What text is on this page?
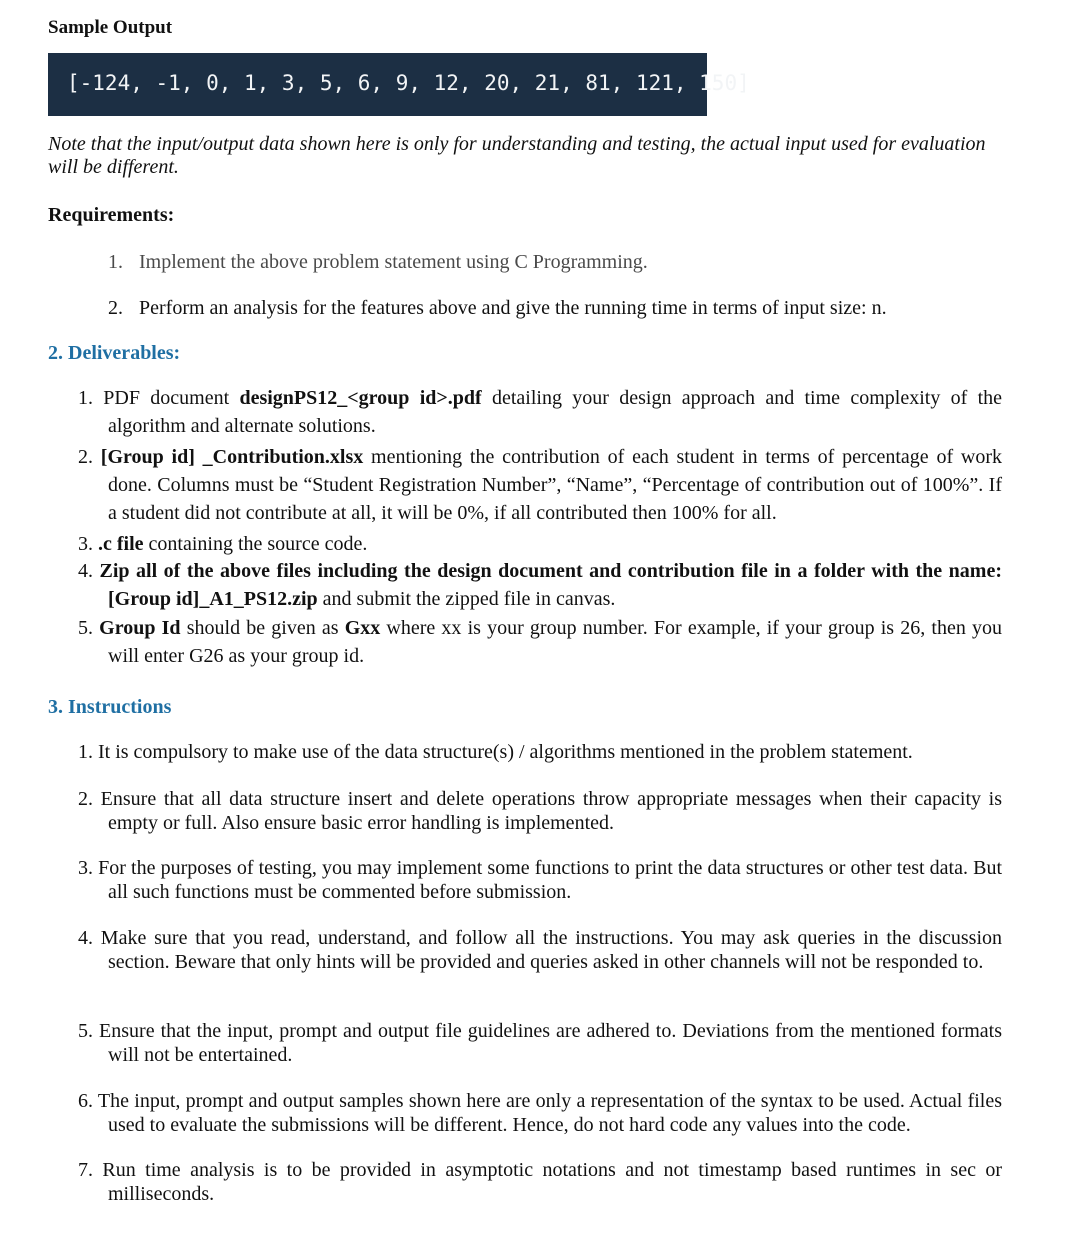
Sample Output
[-124, -1, 0, 1, 3, 5, 6, 9, 12, 20, 21, 81, 121, 150]
Note that the input/output data shown here is only for understanding and testing, the actual input used for evaluation will be different.
Requirements:
1. Implement the above problem statement using C Programming.
2. Perform an analysis for the features above and give the running time in terms of input size: n.
2. Deliverables:
1. PDF document designPS12_<group id>.pdf detailing your design approach and time complexity of the algorithm and alternate solutions.
2. [Group id] _Contribution.xlsx mentioning the contribution of each student in terms of percentage of work done. Columns must be “Student Registration Number”, “Name”, “Percentage of contribution out of 100%”. If a student did not contribute at all, it will be 0%, if all contributed then 100% for all.
3. .c file containing the source code.
4. Zip all of the above files including the design document and contribution file in a folder with the name: [Group id]_A1_PS12.zip and submit the zipped file in canvas.
5. Group Id should be given as Gxx where xx is your group number. For example, if your group is 26, then you will enter G26 as your group id.
3. Instructions
1. It is compulsory to make use of the data structure(s) / algorithms mentioned in the problem statement.
2. Ensure that all data structure insert and delete operations throw appropriate messages when their capacity is empty or full. Also ensure basic error handling is implemented.
3. For the purposes of testing, you may implement some functions to print the data structures or other test data. But all such functions must be commented before submission.
4. Make sure that you read, understand, and follow all the instructions. You may ask queries in the discussion section. Beware that only hints will be provided and queries asked in other channels will not be responded to.
5. Ensure that the input, prompt and output file guidelines are adhered to. Deviations from the mentioned formats will not be entertained.
6. The input, prompt and output samples shown here are only a representation of the syntax to be used. Actual files used to evaluate the submissions will be different. Hence, do not hard code any values into the code.
7. Run time analysis is to be provided in asymptotic notations and not timestamp based runtimes in sec or milliseconds.
